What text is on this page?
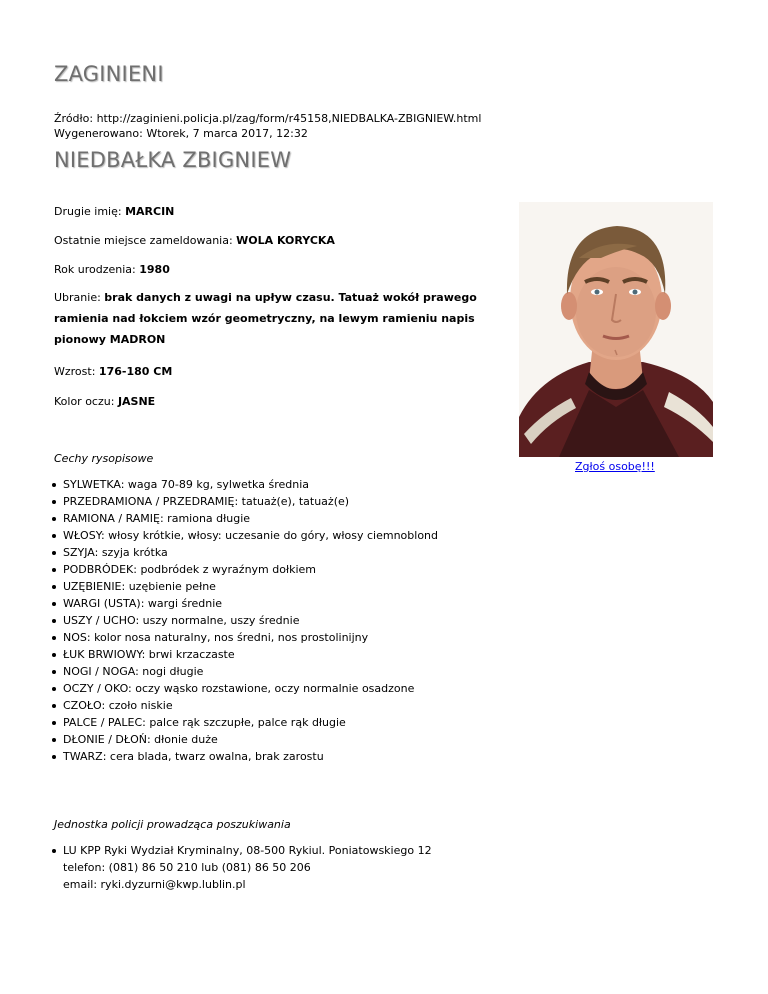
ZAGINIENI
Źródło: http://zaginieni.policja.pl/zag/form/r45158,NIEDBALKA-ZBIGNIEW.html
Wygenerowano: Wtorek, 7 marca 2017, 12:32
NIEDBAŁKA ZBIGNIEW
Drugie imię: MARCIN
Ostatnie miejsce zameldowania: WOLA KORYCKA
Rok urodzenia: 1980
Ubranie: brak danych z uwagi na upływ czasu. Tatuaż wokół prawego ramienia nad łokciem wzór geometryczny, na lewym ramieniu napis pionowy MADRON
Wzrost: 176-180 CM
Kolor oczu: JASNE
Cechy rysopisowe
SYLWETKA: waga 70-89 kg, sylwetka średnia
PRZEDRAMIONA / PRZEDRAMIĘ: tatuaż(e), tatuaż(e)
RAMIONA / RAMIĘ: ramiona długie
WŁOSY: włosy krótkie, włosy: uczesanie do góry, włosy ciemnoblond
SZYJA: szyja krótka
PODBRÓDEK: podbródek z wyraźnym dołkiem
UZĘBIENIE: uzębienie pełne
WARGI (USTA): wargi średnie
USZY / UCHO: uszy normalne, uszy średnie
NOS: kolor nosa naturalny, nos średni, nos prostolinijny
ŁUK BRWIOWY: brwi krzaczaste
NOGI / NOGA: nogi długie
OCZY / OKO: oczy wąsko rozstawione, oczy normalnie osadzone
CZOŁO: czoło niskie
PALCE / PALEC: palce rąk szczupłe, palce rąk długie
DŁONIE / DŁOŃ: dłonie duże
TWARZ: cera blada, twarz owalna, brak zarostu
Jednostka policji prowadząca poszukiwania
LU KPP Ryki Wydział Kryminalny, 08-500 Rykiul. Poniatowskiego 12
telefon: (081) 86 50 210 lub (081) 86 50 206
email: ryki.dyzurni@kwp.lublin.pl
Zgłoś osobę!!!
